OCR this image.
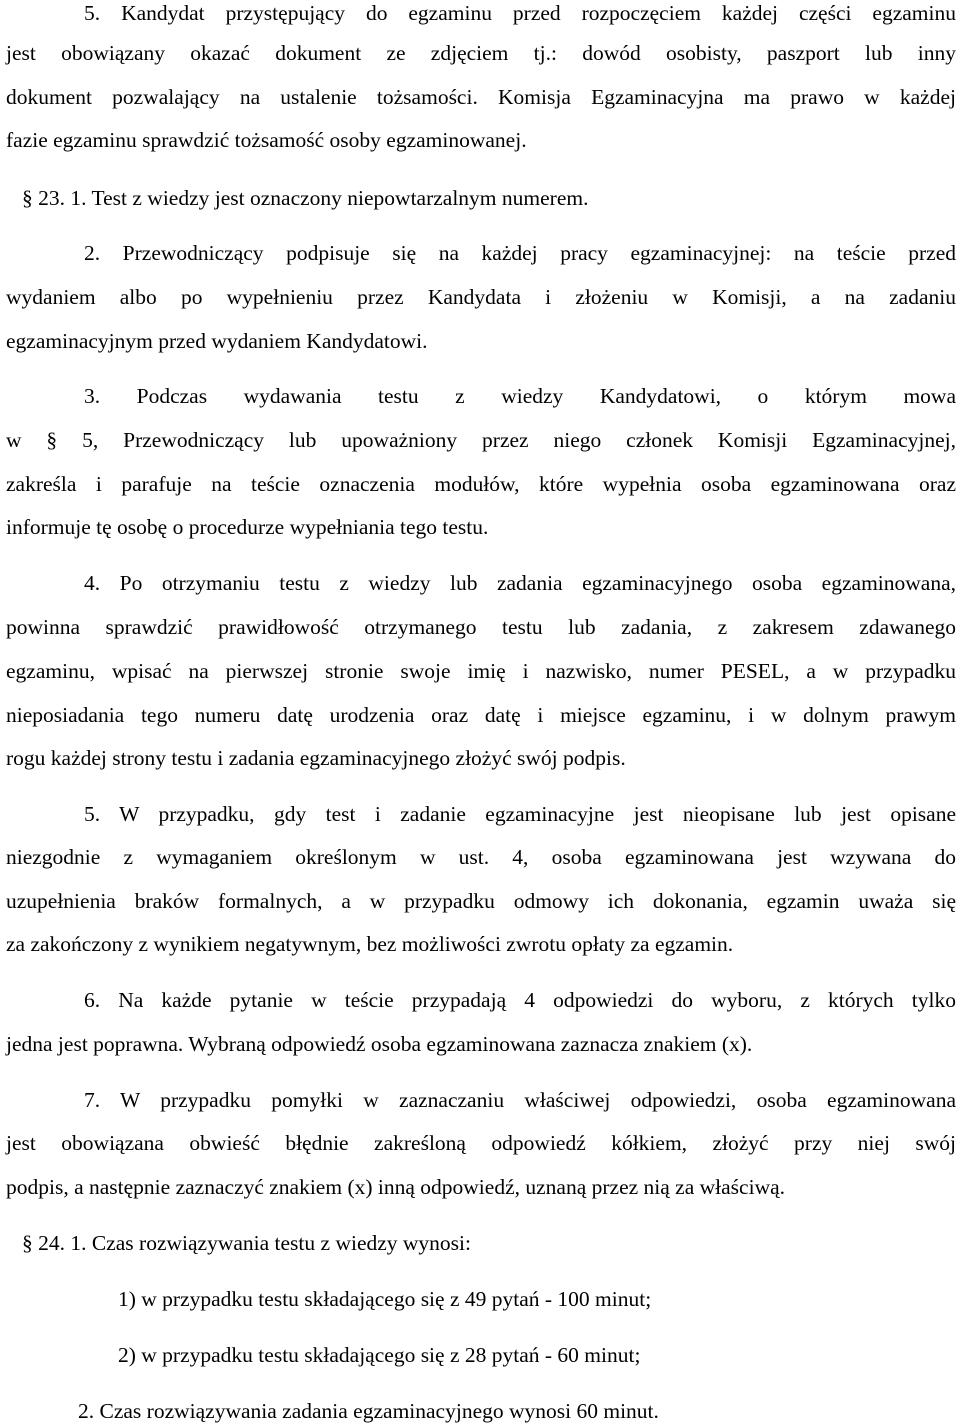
5. Kandydat przystępujący do egzaminu przed rozpoczęciem każdej części egzaminu
jest obowiązany okazać dokument ze zdjęciem tj.: dowód osobisty, paszport lub inny
dokument pozwalający na ustalenie tożsamości. Komisja Egzaminacyjna ma prawo w każdej
fazie egzaminu sprawdzić tożsamość osoby egzaminowanej.
§ 23. 1. Test z wiedzy jest oznaczony niepowtarzalnym numerem.
2. Przewodniczący podpisuje się na każdej pracy egzaminacyjnej: na teście przed
wydaniem albo po wypełnieniu przez Kandydata i złożeniu w Komisji, a na zadaniu
egzaminacyjnym przed wydaniem Kandydatowi.
3. Podczas wydawania testu z wiedzy Kandydatowi, o którym mowa
w § 5, Przewodniczący lub upoważniony przez niego członek Komisji Egzaminacyjnej,
zakreśla i parafuje na teście oznaczenia modułów, które wypełnia osoba egzaminowana oraz
informuje tę osobę o procedurze wypełniania tego testu.
4. Po otrzymaniu testu z wiedzy lub zadania egzaminacyjnego osoba egzaminowana,
powinna sprawdzić prawidłowość otrzymanego testu lub zadania, z zakresem zdawanego
egzaminu, wpisać na pierwszej stronie swoje imię i nazwisko, numer PESEL, a w przypadku
nieposiadania tego numeru datę urodzenia oraz datę i miejsce egzaminu, i w dolnym prawym
rogu każdej strony testu i zadania egzaminacyjnego złożyć swój podpis.
5. W przypadku, gdy test i zadanie egzaminacyjne jest nieopisane lub jest opisane
niezgodnie z wymaganiem określonym w ust. 4, osoba egzaminowana jest wzywana do
uzupełnienia braków formalnych, a w przypadku odmowy ich dokonania, egzamin uważa się
za zakończony z wynikiem negatywnym, bez możliwości zwrotu opłaty za egzamin.
6. Na każde pytanie w teście przypadają 4 odpowiedzi do wyboru, z których tylko
jedna jest poprawna. Wybraną odpowiedź osoba egzaminowana zaznacza znakiem (x).
7. W przypadku pomyłki w zaznaczaniu właściwej odpowiedzi, osoba egzaminowana
jest obowiązana obwieść błędnie zakreśloną odpowiedź kółkiem, złożyć przy niej swój
podpis, a następnie zaznaczyć znakiem (x) inną odpowiedź, uznaną przez nią za właściwą.
§ 24. 1. Czas rozwiązywania testu z wiedzy wynosi:
1) w przypadku testu składającego się z 49 pytań - 100 minut;
2) w przypadku testu składającego się z 28 pytań - 60 minut;
2. Czas rozwiązywania zadania egzaminacyjnego wynosi 60 minut.
